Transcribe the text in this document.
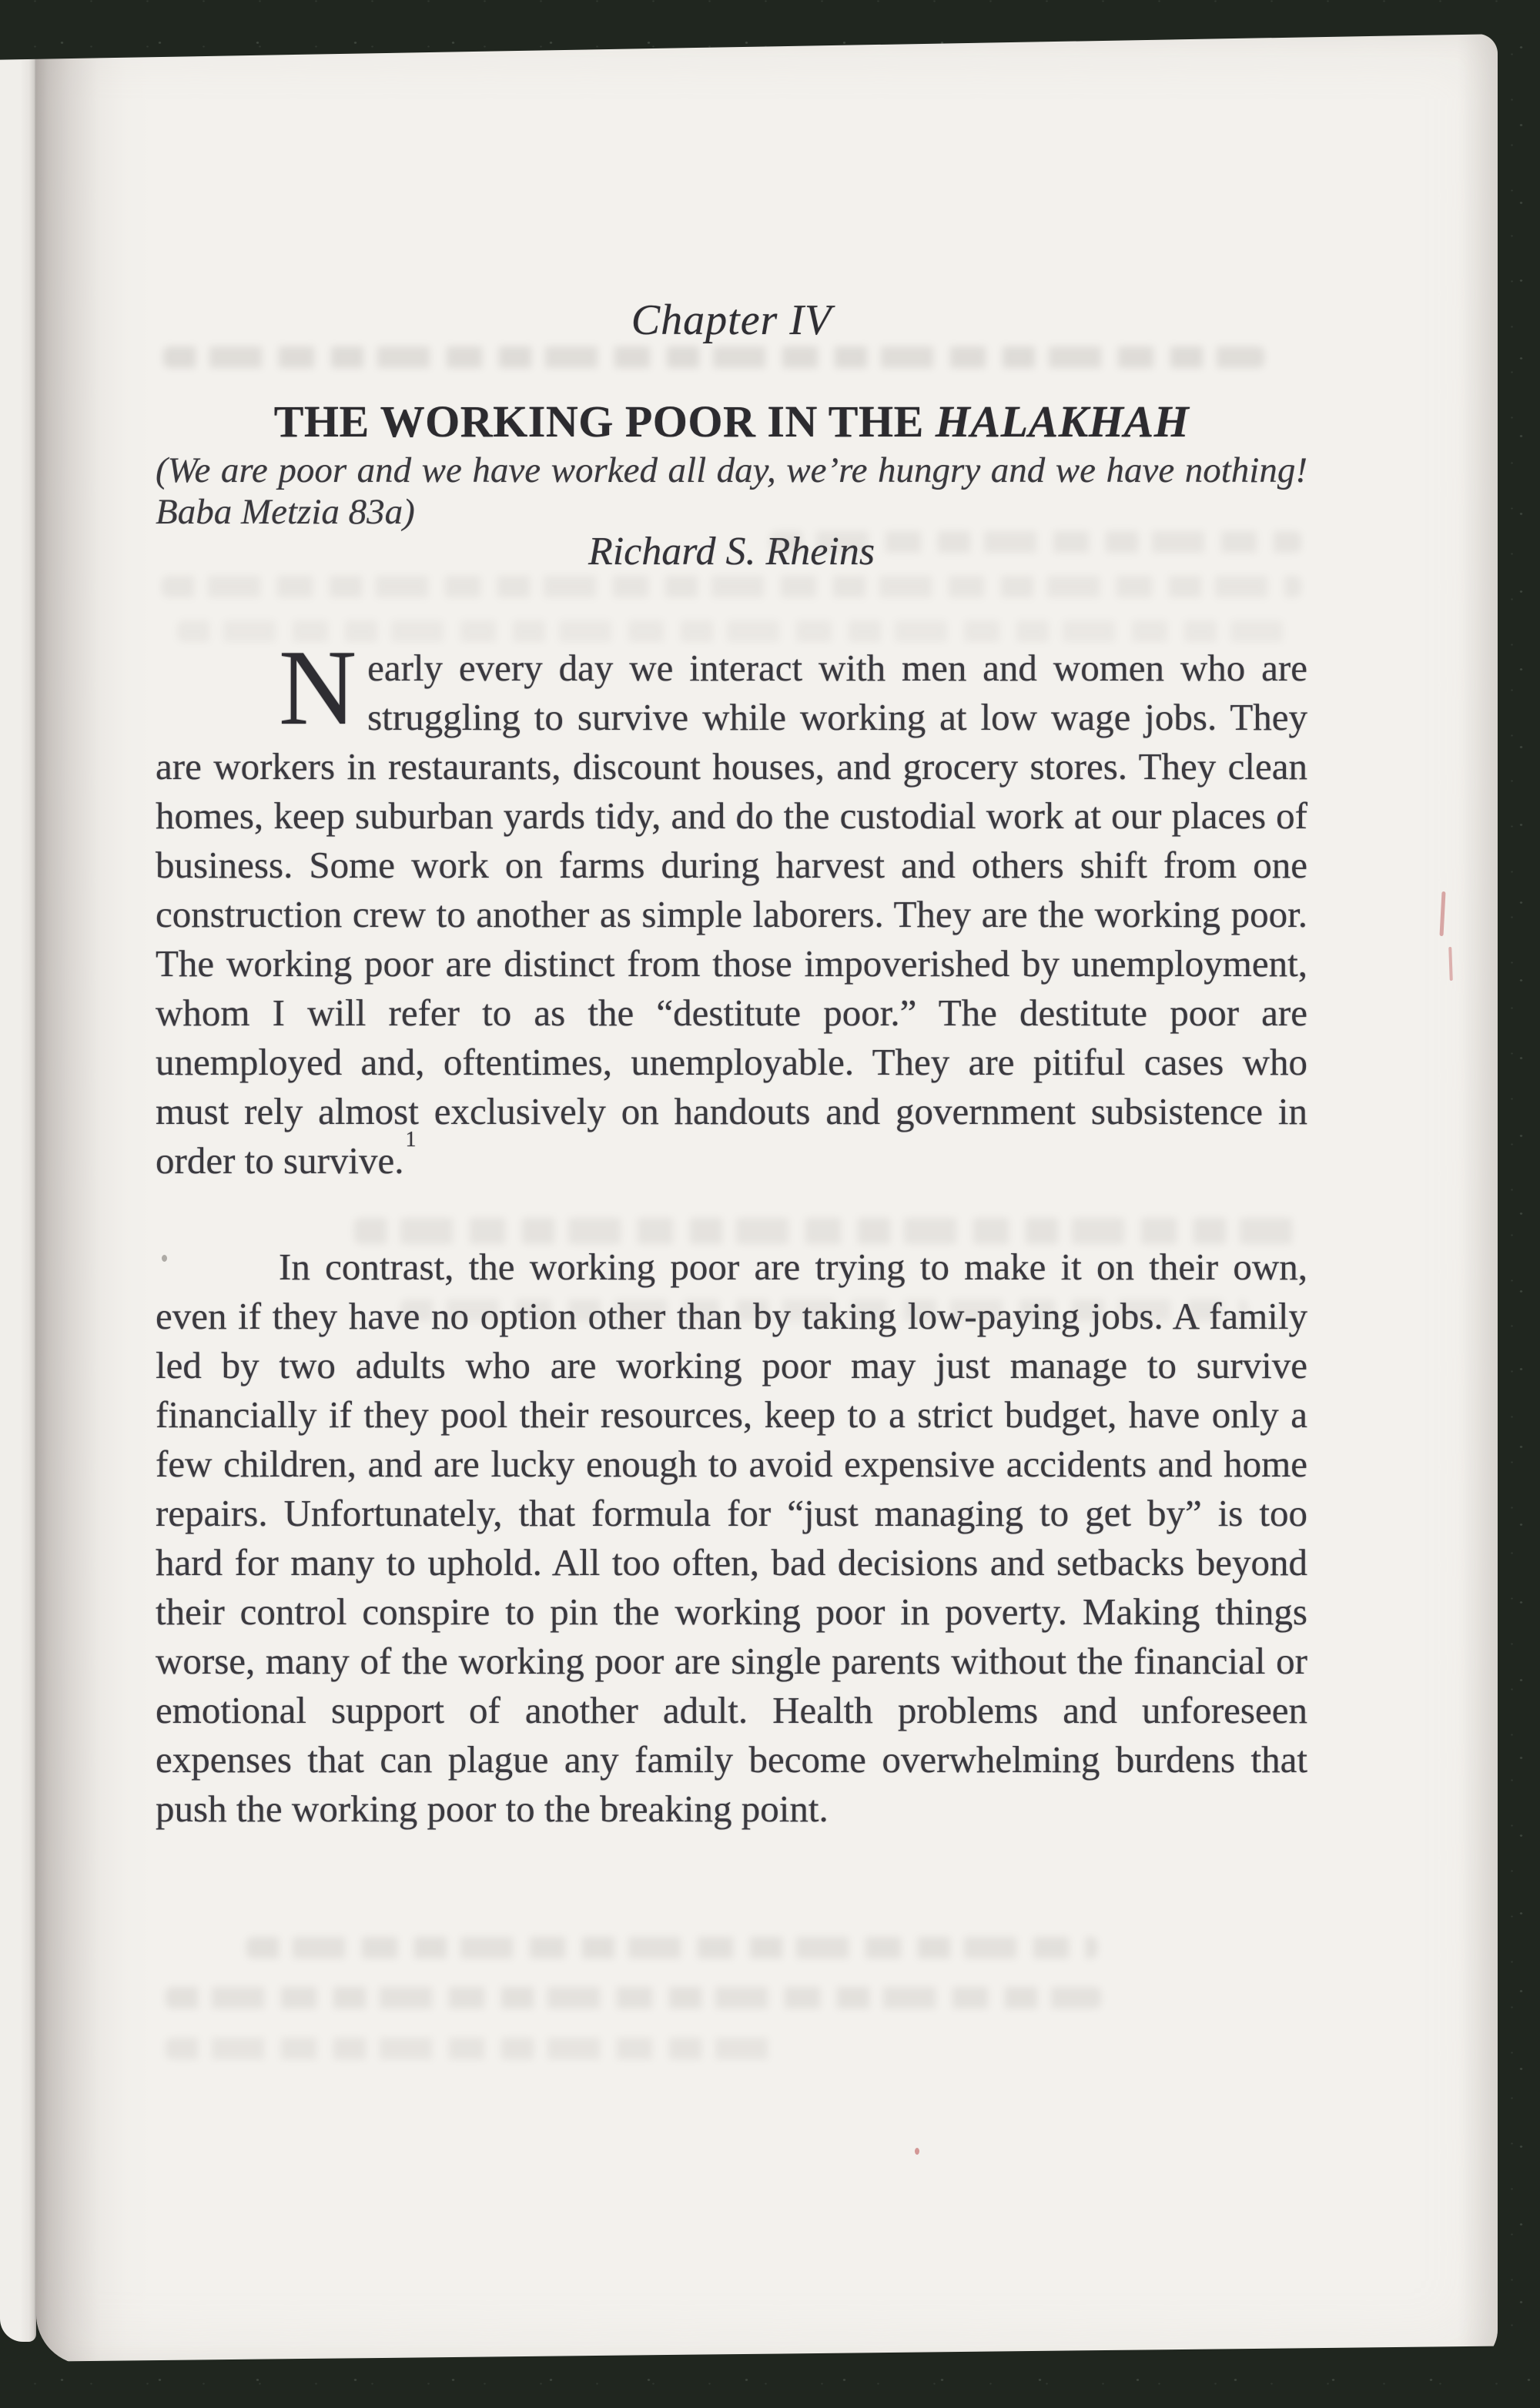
Chapter IV
THE WORKING POOR IN THE HALAKHAH
(We are poor and we have worked all day, we’re hungry and we have nothing!
Baba Metzia 83a)
Richard S. Rheins

Nearly every day we interact with men and women who are struggling to survive while working at low wage jobs. They are workers in restaurants, discount houses, and grocery stores. They clean homes, keep suburban yards tidy, and do the custodial work at our places of business. Some work on farms during harvest and others shift from one construction crew to another as simple laborers. They are the working poor. The working poor are distinct from those impoverished by unemployment, whom I will refer to as the “destitute poor.” The destitute poor are unemployed and, oftentimes, unemployable. They are pitiful cases who must rely almost exclusively on handouts and government subsistence in order to survive.$^1$

In contrast, the working poor are trying to make it on their own, even if they have no option other than by taking low-paying jobs. A family led by two adults who are working poor may just manage to survive financially if they pool their resources, keep to a strict budget, have only a few children, and are lucky enough to avoid expensive accidents and home repairs. Unfortunately, that formula for “just managing to get by” is too hard for many to uphold. All too often, bad decisions and setbacks beyond their control conspire to pin the working poor in poverty. Making things worse, many of the working poor are single parents without the financial or emotional support of another adult. Health problems and unforeseen expenses that can plague any family become overwhelming burdens that push the working poor to the breaking point.
